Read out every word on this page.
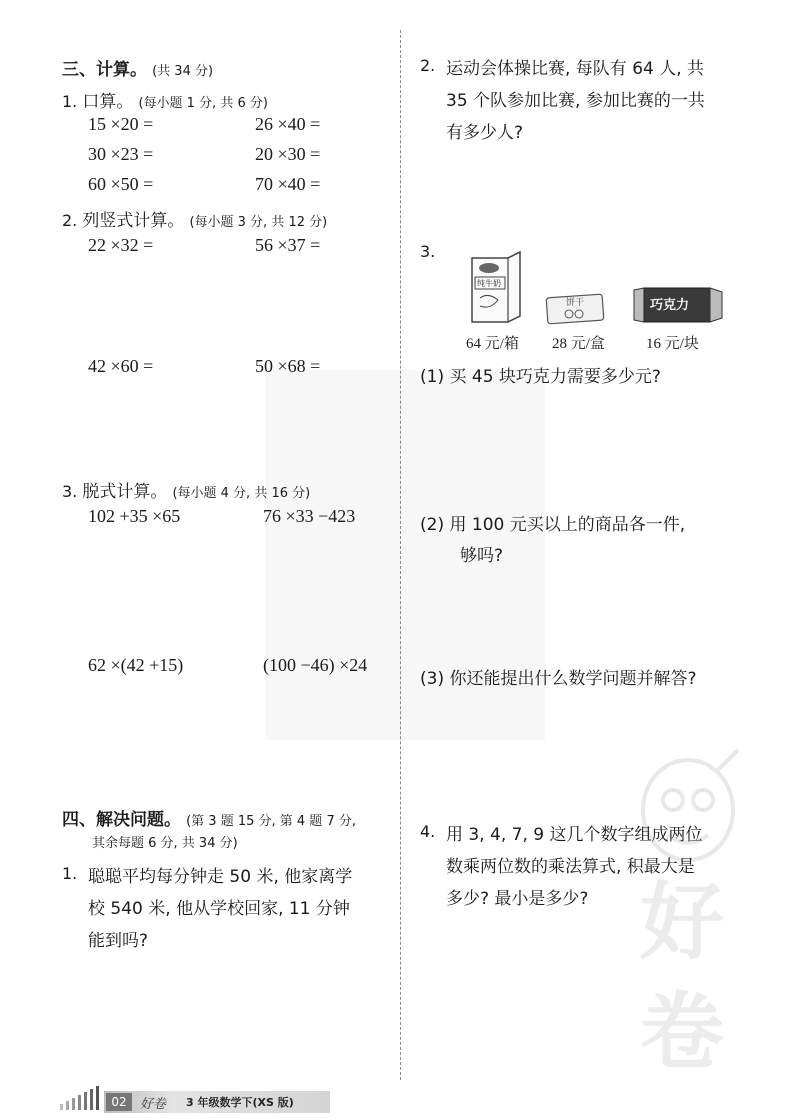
好
卷
三、计算。 (共 34 分)
1. 口算。 (每小题 1 分, 共 6 分)
15 ×20 =	26 ×40 =
30 ×23 =	20 ×30 =
60 ×50 =	70 ×40 =
2. 列竖式计算。 (每小题 3 分, 共 12 分)
22 ×32 =	56 ×37 =
42 ×60 =	50 ×68 =
3. 脱式计算。 (每小题 4 分, 共 16 分)
102 +35 ×65	76 ×33 −423
62 ×(42 +15)	(100 −46) ×24
四、解决问题。 (第 3 题 15 分, 第 4 题 7 分,
其余每题 6 分, 共 34 分)
1. 聪聪平均每分钟走 50 米, 他家离学
校 540 米, 他从学校回家, 11 分钟
能到吗?
2. 运动会体操比赛, 每队有 64 人, 共
35 个队参加比赛, 参加比赛的一共
有多少人?
3.
纯牛奶
饼干	巧克力
64 元/箱 28 元/盒	16 元/块
(1) 买 45 块巧克力需要多少元?
(2) 用 100 元买以上的商品各一件,
够吗?
(3) 你还能提出什么数学问题并解答?
4. 用 3, 4, 7, 9 这几个数字组成两位
数乘两位数的乘法算式, 积最大是
多少? 最小是多少?
02	好卷 3 年级数学下(XS 版)
